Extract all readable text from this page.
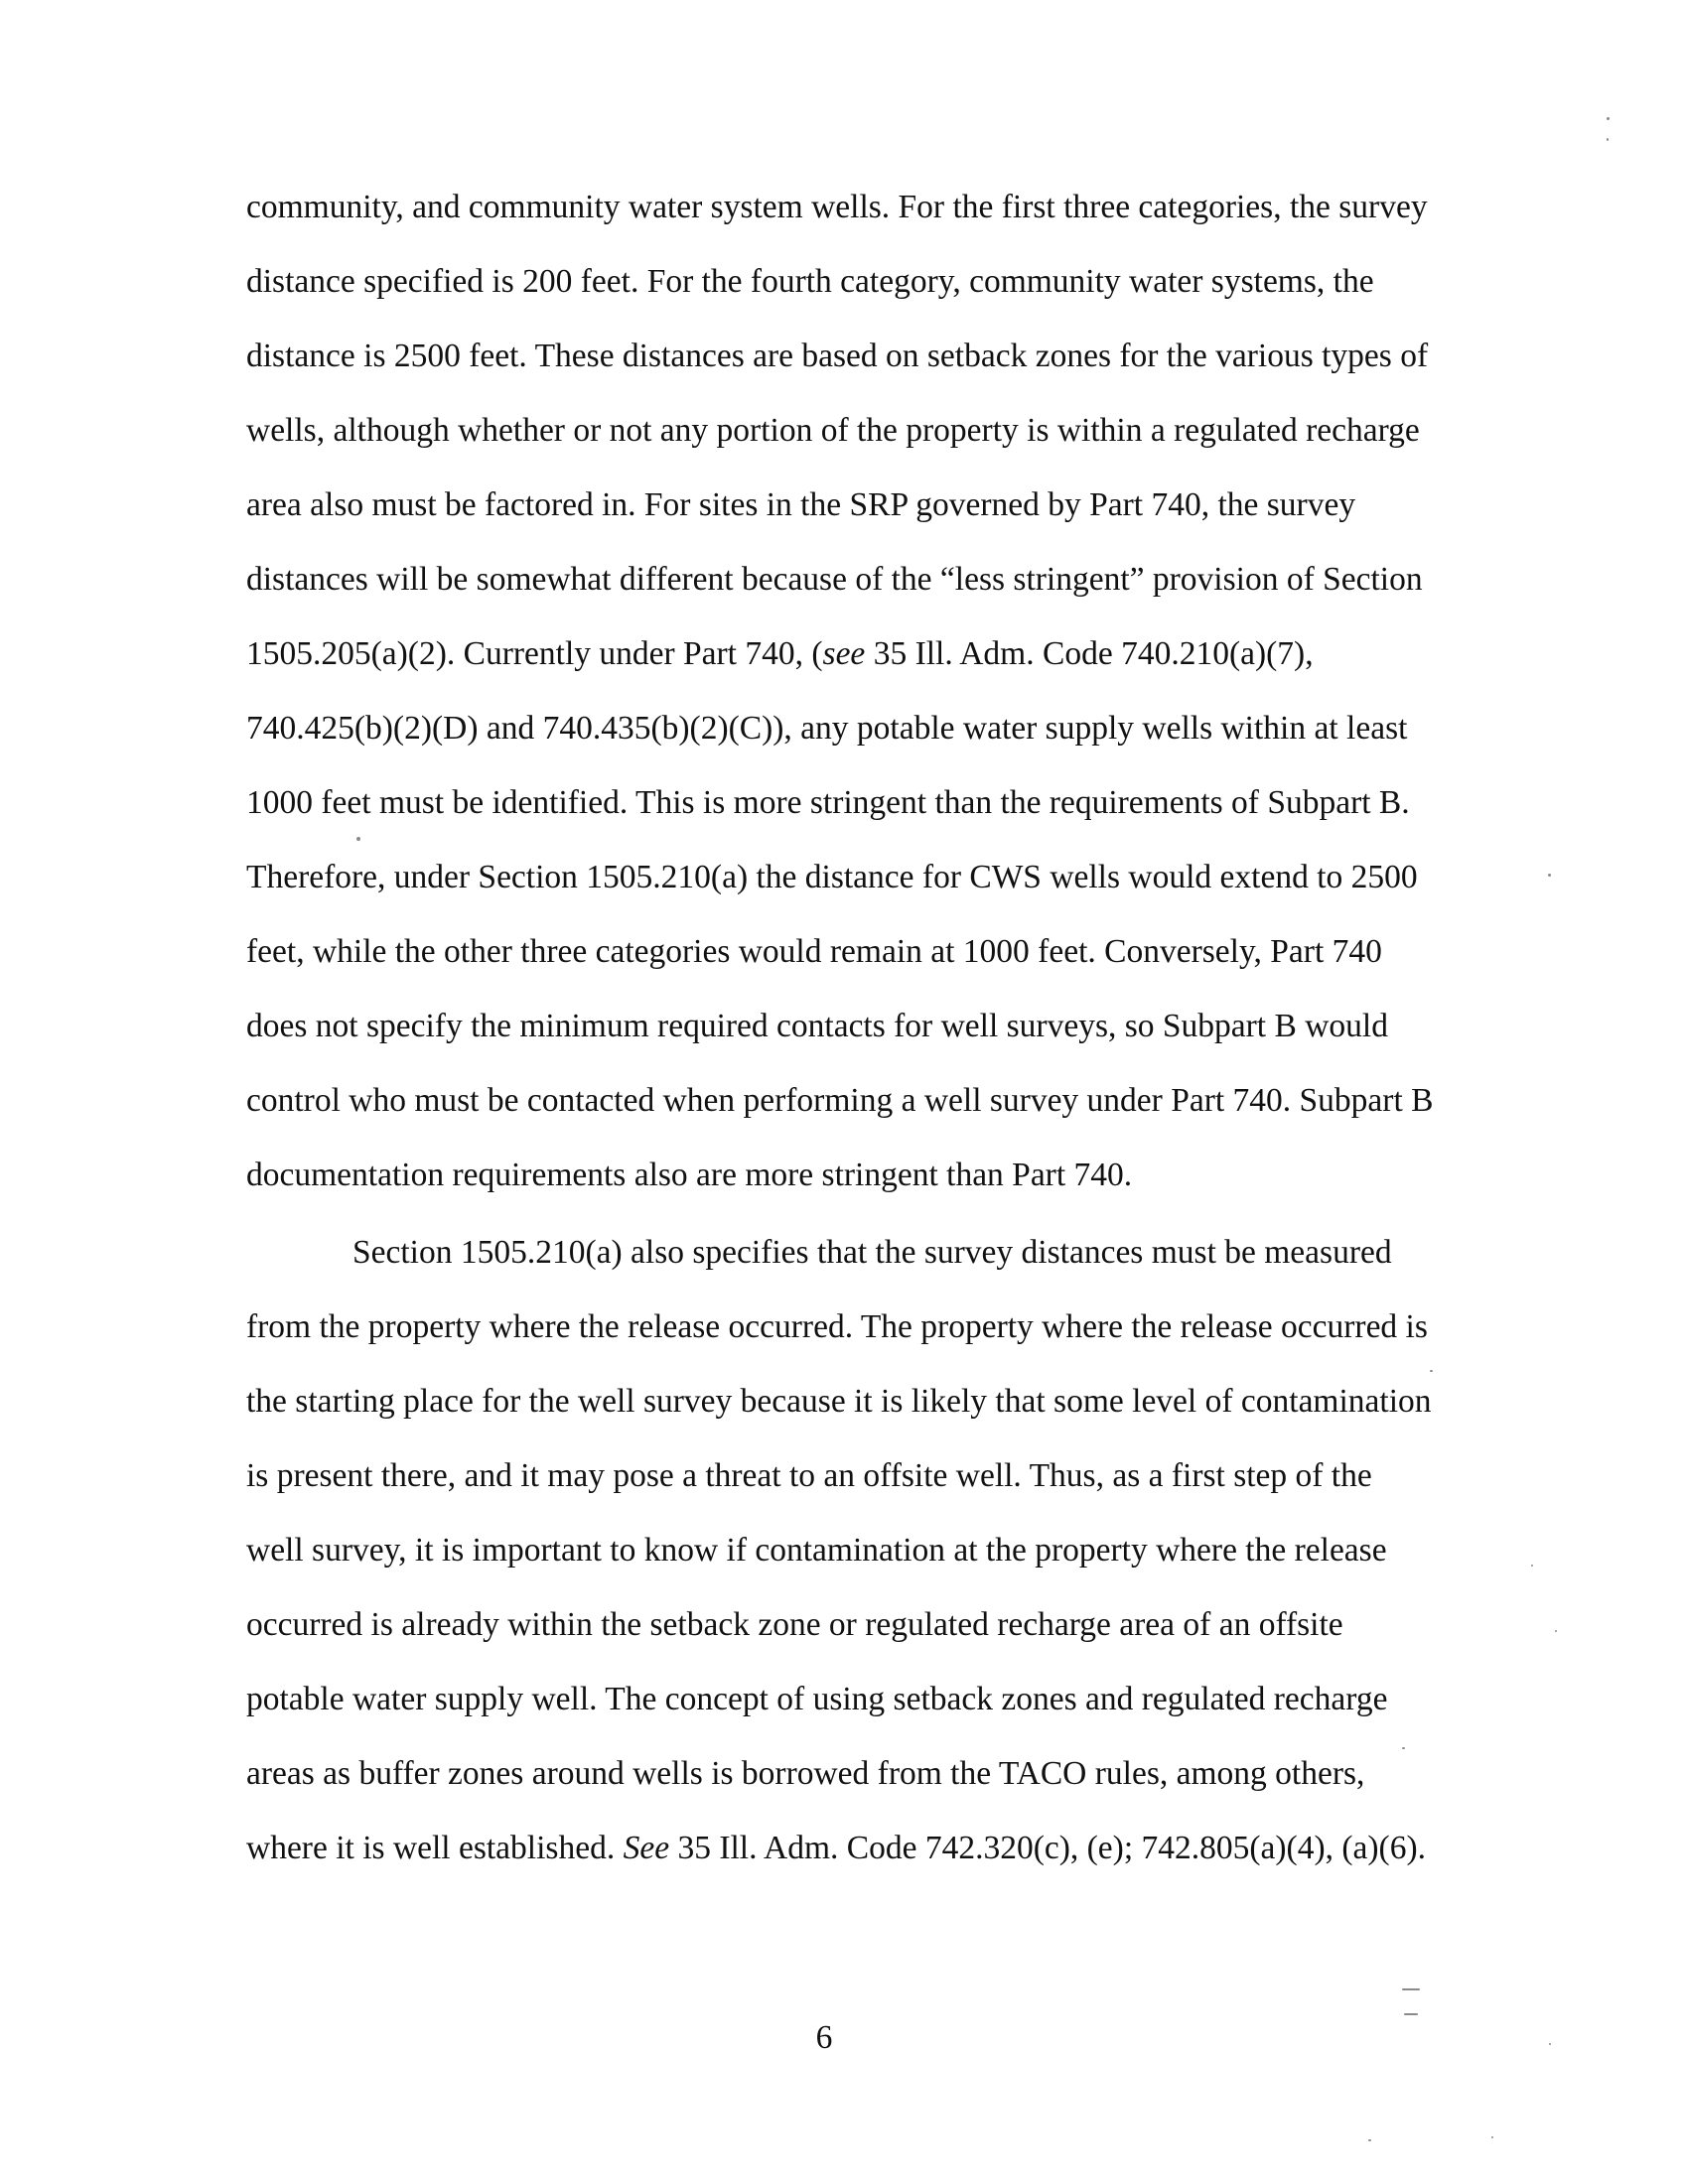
community, and community water system wells. For the first three categories, the survey
distance specified is 200 feet. For the fourth category, community water systems, the
distance is 2500 feet. These distances are based on setback zones for the various types of
wells, although whether or not any portion of the property is within a regulated recharge
area also must be factored in. For sites in the SRP governed by Part 740, the survey
distances will be somewhat different because of the “less stringent” provision of Section
1505.205(a)(2). Currently under Part 740, (see 35 Ill. Adm. Code 740.210(a)(7),
740.425(b)(2)(D) and 740.435(b)(2)(C)), any potable water supply wells within at least
1000 feet must be identified. This is more stringent than the requirements of Subpart B.
Therefore, under Section 1505.210(a) the distance for CWS wells would extend to 2500
feet, while the other three categories would remain at 1000 feet. Conversely, Part 740
does not specify the minimum required contacts for well surveys, so Subpart B would
control who must be contacted when performing a well survey under Part 740. Subpart B
documentation requirements also are more stringent than Part 740.
Section 1505.210(a) also specifies that the survey distances must be measured
from the property where the release occurred. The property where the release occurred is
the starting place for the well survey because it is likely that some level of contamination
is present there, and it may pose a threat to an offsite well. Thus, as a first step of the
well survey, it is important to know if contamination at the property where the release
occurred is already within the setback zone or regulated recharge area of an offsite
potable water supply well. The concept of using setback zones and regulated recharge
areas as buffer zones around wells is borrowed from the TACO rules, among others,
where it is well established. See 35 Ill. Adm. Code 742.320(c), (e); 742.805(a)(4), (a)(6).
6
